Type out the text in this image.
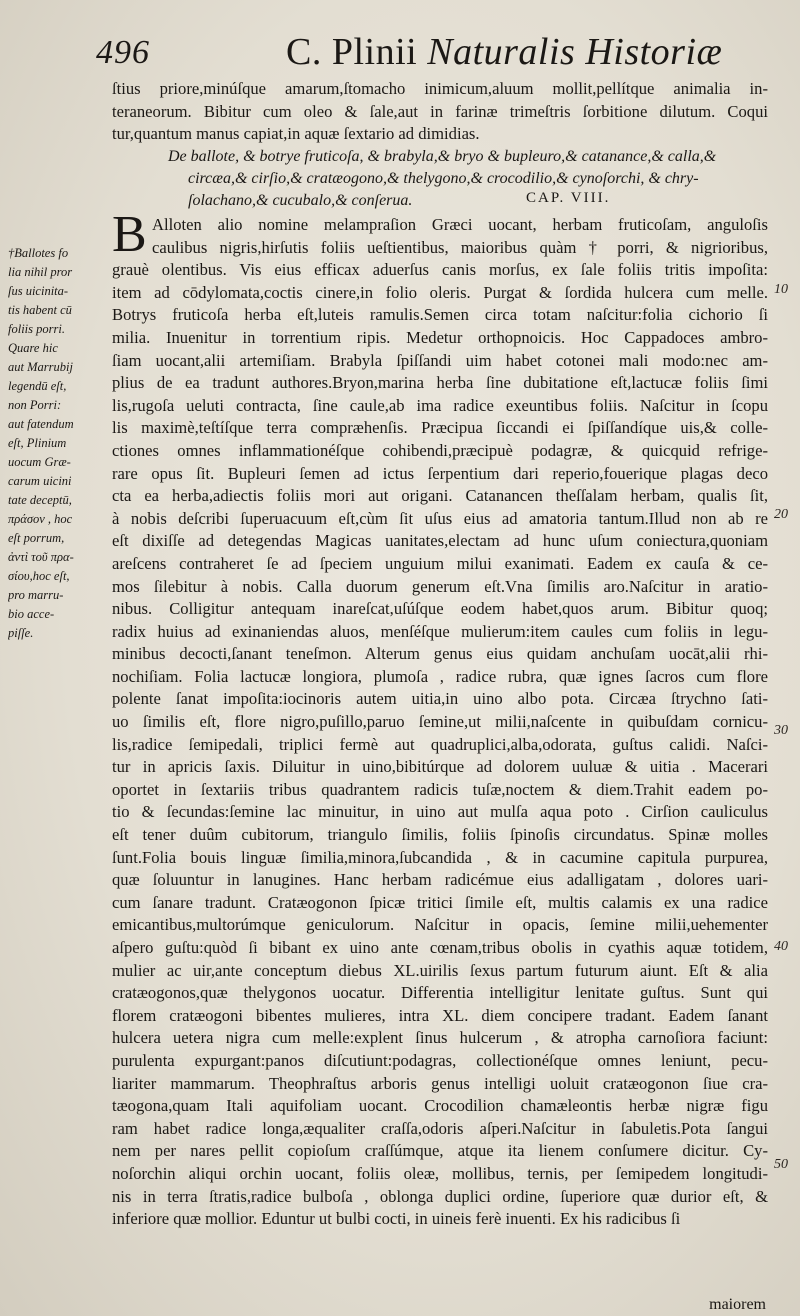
496	C. Plinii Naturalis Historiæ
ſtius priore,minúſque amarum,ſtomacho inimicum,aluum mollit,pellítque animalia in-
teraneorum. Bibitur cum oleo & ſale,aut in farinæ trimeſtris ſorbitione dilutum. Coqui
tur,quantum manus capiat,in aquæ ſextario ad dimidias.
De ballote, & botrye fruticoſa, & brabyla,& bryo & bupleuro,& catanance,& calla,&
circæa,& cirſio,& cratæogono,& thelygono,& crocodilio,& cynoſorchi, & chry-
ſolachano,& cucubalo,& conſerua.	CAP. VIII.
B Alloten alio nomine melampraſion Græci uocant, herbam fruticoſam, anguloſis
caulibus nigris,hirſutis foliis ueſtientibus, maioribus quàm † porri, & nigrioribus,
grauè olentibus. Vis eius efficax aduerſus canis morſus, ex ſale foliis tritis impoſita:
item ad cōdylomata,coctis cinere,in folio oleris. Purgat & ſordida hulcera cum melle.
Botrys fruticoſa herba eſt,luteis ramulis.Semen circa totam naſcitur:folia cichorio ſi
milia. Inuenitur in torrentium ripis. Medetur orthopnoicis. Hoc Cappadoces ambro-
ſiam uocant,alii artemiſiam. Brabyla ſpiſſandi uim habet cotonei mali modo:nec am-
plius de ea tradunt authores.Bryon,marina herba ſine dubitatione eſt,lactucæ foliis ſimi
lis,rugoſa ueluti contracta, ſine caule,ab ima radice exeuntibus foliis. Naſcitur in ſcopu
lis maximè,teſtíſque terra compræhenſis. Præcipua ſiccandi ei ſpiſſandíque uis,& colle-
ctiones omnes inflammationéſque cohibendi,præcipuè podagræ, & quicquid refrige-
rare opus ſit. Bupleuri ſemen ad ictus ſerpentium dari reperio,fouerique plagas deco
cta ea herba,adiectis foliis mori aut origani. Catanancen theſſalam herbam, qualis ſit,
à nobis deſcribi ſuperuacuum eſt,cùm ſit uſus eius ad amatoria tantum.Illud non ab re
eſt dixiſſe ad detegendas Magicas uanitates,electam ad hunc uſum coniectura,quoniam
areſcens contraheret ſe ad ſpeciem unguium milui exanimati. Eadem ex cauſa & ce-
mos ſilebitur à nobis. Calla duorum generum eſt.Vna ſimilis aro.Naſcitur in aratio-
nibus. Colligitur antequam inareſcat,uſúſque eodem habet,quos arum. Bibitur quoq;
radix huius ad exinaniendas aluos, menſéſque mulierum:item caules cum foliis in legu-
minibus decocti,ſanant teneſmon. Alterum genus eius quidam anchuſam uocāt,alii rhi-
nochiſiam. Folia lactucæ longiora, plumoſa , radice rubra, quæ ignes ſacros cum flore
polente ſanat impoſita:iocinoris autem uitia,in uino albo pota. Circæa ſtrychno ſati-
uo ſimilis eſt, flore nigro,puſillo,paruo ſemine,ut milii,naſcente in quibuſdam cornicu-
lis,radice ſemipedali, triplici fermè aut quadruplici,alba,odorata, guſtus calidi. Naſci-
tur in apricis ſaxis. Diluitur in uino,bibitúrque ad dolorem uuluæ & uitia . Macerari
oportet in ſextariis tribus quadrantem radicis tuſæ,noctem & diem.Trahit eadem po-
tio & ſecundas:ſemine lac minuitur, in uino aut mulſa aqua poto . Cirſion cauliculus
eſt tener duûm cubitorum, triangulo ſimilis, foliis ſpinoſis circundatus. Spinæ molles
ſunt.Folia bouis linguæ ſimilia,minora,ſubcandida , & in cacumine capitula purpurea,
quæ ſoluuntur in lanugines. Hanc herbam radicémue eius adalligatam , dolores uari-
cum ſanare tradunt. Cratæogonon ſpicæ tritici ſimile eſt, multis calamis ex una radice
emicantibus,multorúmque geniculorum. Naſcitur in opacis, ſemine milii,uehementer
aſpero guſtu:quòd ſi bibant ex uino ante cœnam,tribus obolis in cyathis aquæ totidem,
mulier ac uir,ante conceptum diebus XL.uirilis ſexus partum futurum aiunt. Eſt & alia
cratæogonos,quæ thelygonos uocatur. Differentia intelligitur lenitate guſtus. Sunt qui
florem cratæogoni bibentes mulieres, intra XL. diem concipere tradant. Eadem ſanant
hulcera uetera nigra cum melle:explent ſinus hulcerum , & atropha carnoſiora faciunt:
purulenta expurgant:panos diſcutiunt:podagras, collectionéſque omnes leniunt, pecu-
liariter mammarum. Theophraſtus arboris genus intelligi uoluit cratæogonon ſiue cra-
tæogona,quam Itali aquifoliam uocant. Crocodilion chamæleontis herbæ nigræ figu
ram habet radice longa,æqualiter craſſa,odoris aſperi.Naſcitur in ſabuletis.Pota ſangui
nem per nares pellit copioſum craſſúmque, atque ita lienem conſumere dicitur. Cy-
noſorchin aliqui orchin uocant, foliis oleæ, mollibus, ternis, per ſemipedem longitudi-
nis in terra ſtratis,radice bulboſa , oblonga duplici ordine, ſuperiore quæ durior eſt, &
inferiore quæ mollior. Eduntur ut bulbi cocti, in uineis ferè inuenti. Ex his radicibus ſi
†Ballotes fo
lia nihil pror
ſus uicinita-
tis habent cū
foliis porri.
Quare hic
aut Marrubij
legendū eſt,
non Porri:
aut fatendum
eſt, Plinium
uocum Græ-
carum uicini
tate deceptū,
πράσον , hoc
eſt porrum,
ἀντὶ τοῦ πρα-
σίου,hoc eſt,
pro marru-
bio acce-
piſſe.
10
20
30
40
50
maiorem
